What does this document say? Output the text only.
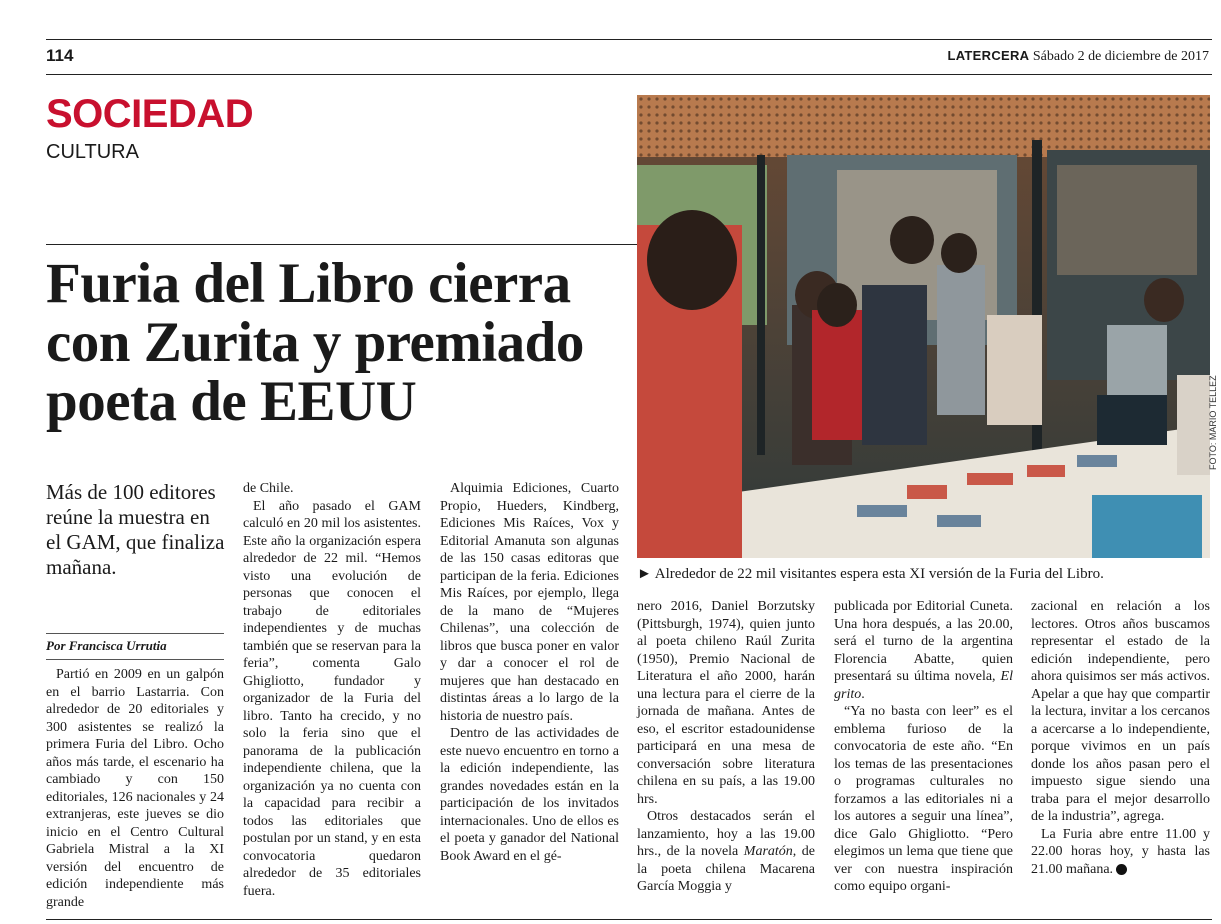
114	LATERCERA Sábado 2 de diciembre de 2017
SOCIEDAD
CULTURA
Furia del Libro cierra con Zurita y premiado poeta de EEUU
Más de 100 editores reúne la muestra en el GAM, que finaliza mañana.
Por Francisca Urrutia

Partió en 2009 en un galpón en el barrio Lastarria. Con alrededor de 20 editoriales y 300 asistentes se realizó la primera Furia del Libro. Ocho años más tarde, el escenario ha cambiado y con 150 editoriales, 126 nacionales y 24 extranjeras, este jueves se dio inicio en el Centro Cultural Gabriela Mistral a la XI versión del encuentro de edición independiente más grande

de Chile.

El año pasado el GAM calculó en 20 mil los asistentes. Este año la organización espera alrededor de 22 mil. “Hemos visto una evolución de personas que conocen el trabajo de editoriales independientes y de muchas también que se reservan para la feria”, comenta Galo Ghigliotto, fundador y organizador de la Furia del libro. Tanto ha crecido, y no solo la feria sino que el panorama de la publicación independiente chilena, que la organización ya no cuenta con la capacidad para recibir a todos las editoriales que postulan por un stand, y en esta convocatoria quedaron alrededor de 35 editoriales fuera.

Alquimia Ediciones, Cuarto Propio, Hueders, Kindberg, Ediciones Mis Raíces, Vox y Editorial Amanuta son algunas de las 150 casas editoras que participan de la feria. Ediciones Mis Raíces, por ejemplo, llega de la mano de “Mujeres Chilenas”, una colección de libros que busca poner en valor y dar a conocer el rol de mujeres que han destacado en distintas áreas a lo largo de la historia de nuestro país.

Dentro de las actividades de este nuevo encuentro en torno a la edición independiente, las grandes novedades están en la participación de los invitados internacionales. Uno de ellos es el poeta y ganador del National Book Award en el gé-

FOTO: MARIO TELLEZ
► Alrededor de 22 mil visitantes espera esta XI versión de la Furia del Libro.

nero 2016, Daniel Borzutsky (Pittsburgh, 1974), quien junto al poeta chileno Raúl Zurita (1950), Premio Nacional de Literatura el año 2000, harán una lectura para el cierre de la jornada de mañana. Antes de eso, el escritor estadounidense participará en una mesa de conversación sobre literatura chilena en su país, a las 19.00 hrs.

Otros destacados serán el lanzamiento, hoy a las 19.00 hrs., de la novela Maratón, de la poeta chilena Macarena García Moggia y

publicada por Editorial Cuneta. Una hora después, a las 20.00, será el turno de la argentina Florencia Abatte, quien presentará su última novela, El grito.

“Ya no basta con leer” es el emblema furioso de la convocatoria de este año. “En los temas de las presentaciones o programas culturales no forzamos a las editoriales ni a los autores a seguir una línea”, dice Galo Ghigliotto. “Pero elegimos un lema que tiene que ver con nuestra inspiración como equipo organi-

zacional en relación a los lectores. Otros años buscamos representar el estado de la edición independiente, pero ahora quisimos ser más activos. Apelar a que hay que compartir la lectura, invitar a los cercanos a acercarse a lo independiente, porque vivimos en un país donde los años pasan pero el impuesto sigue siendo una traba para el mejor desarrollo de la industria”, agrega.

La Furia abre entre 11.00 y 22.00 horas hoy, y hasta las 21.00 mañana.
